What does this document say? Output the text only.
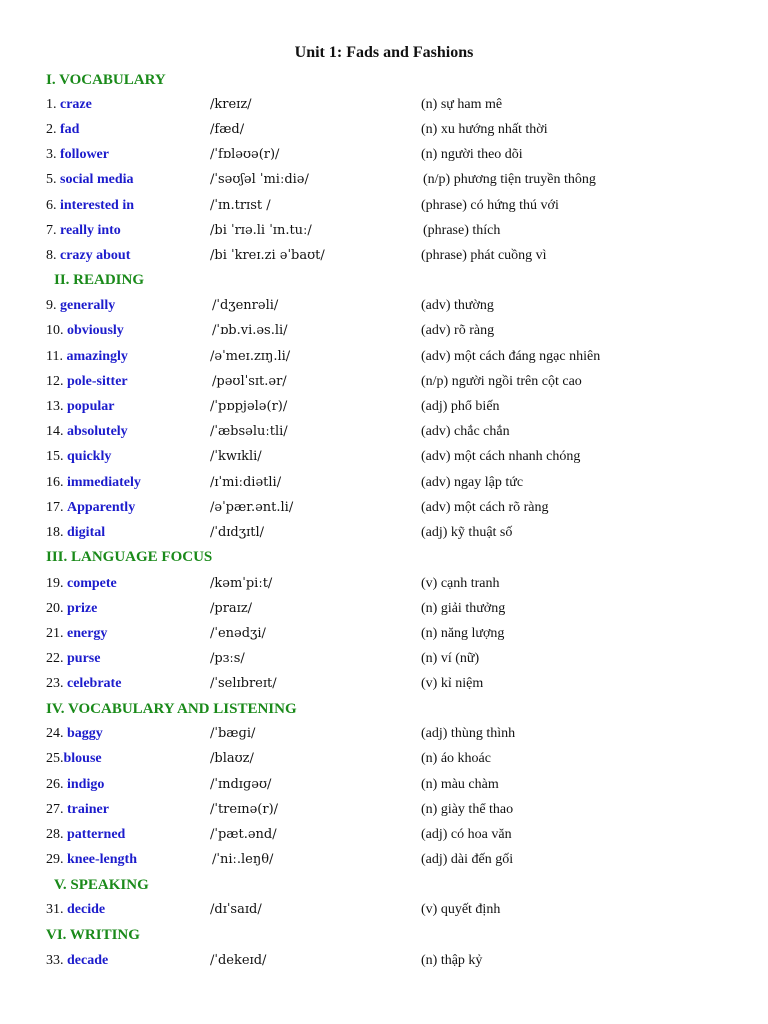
Unit 1: Fads and Fashions
I. VOCABULARY
II. READING
III. LANGUAGE FOCUS
IV. VOCABULARY AND LISTENING
V. SPEAKING
VI. WRITING
1. craze	/kreɪz/	(n) sự ham mê
2. fad	/fæd/	(n) xu hướng nhất thời
3. follower	/ˈfɒləʊə(r)/	(n) người theo dõi
5. social media	/ˈsəʊʃəl ˈmiːdiə/	(n/p) phương tiện truyền thông
6. interested in	/ˈɪn.trɪst /	(phrase) có hứng thú với
7. really into	/bi ˈrɪə.li ˈɪn.tuː/	(phrase) thích
8. crazy about	/bi ˈkreɪ.zi əˈbaʊt/	(phrase) phát cuồng vì
9. generally	/ˈdʒenrəli/	(adv) thường
10. obviously	/ˈɒb.vi.əs.li/	(adv) rõ ràng
11. amazingly	/əˈmeɪ.zɪŋ.li/	(adv) một cách đáng ngạc nhiên
12. pole-sitter	/pəʊlˈsɪt.ər/	(n/p) người ngồi trên cột cao
13. popular	/ˈpɒpjələ(r)/	(adj) phổ biến
14. absolutely	/ˈæbsəluːtli/	(adv) chắc chắn
15. quickly	/ˈkwɪkli/	(adv) một cách nhanh chóng
16. immediately	/ɪˈmiːdiətli/	(adv) ngay lập tức
17. Apparently	/əˈpær.ənt.li/	(adv) một cách rõ ràng
18. digital	/ˈdɪdʒɪtl/	(adj) kỹ thuật số
19. compete	/kəmˈpiːt/	(v) cạnh tranh
20. prize	/praɪz/	(n) giải thưởng
21. energy	/ˈenədʒi/	(n) năng lượng
22. purse	/pɜːs/	(n) ví (nữ)
23. celebrate	/ˈselɪbreɪt/	(v) kỉ niệm
24. baggy	/ˈbæɡi/	(adj) thùng thình
25.blouse	/blaʊz/	(n) áo khoác
26. indigo	/ˈɪndɪɡəʊ/	(n) màu chàm
27. trainer	/ˈtreɪnə(r)/	(n) giày thể thao
28. patterned	/ˈpæt.ənd/	(adj) có hoa văn
29. knee-length	/ˈniː.leŋθ/	(adj) dài đến gối
31. decide	/dɪˈsaɪd/	(v) quyết định
33. decade	/ˈdekeɪd/	(n) thập kỷ
